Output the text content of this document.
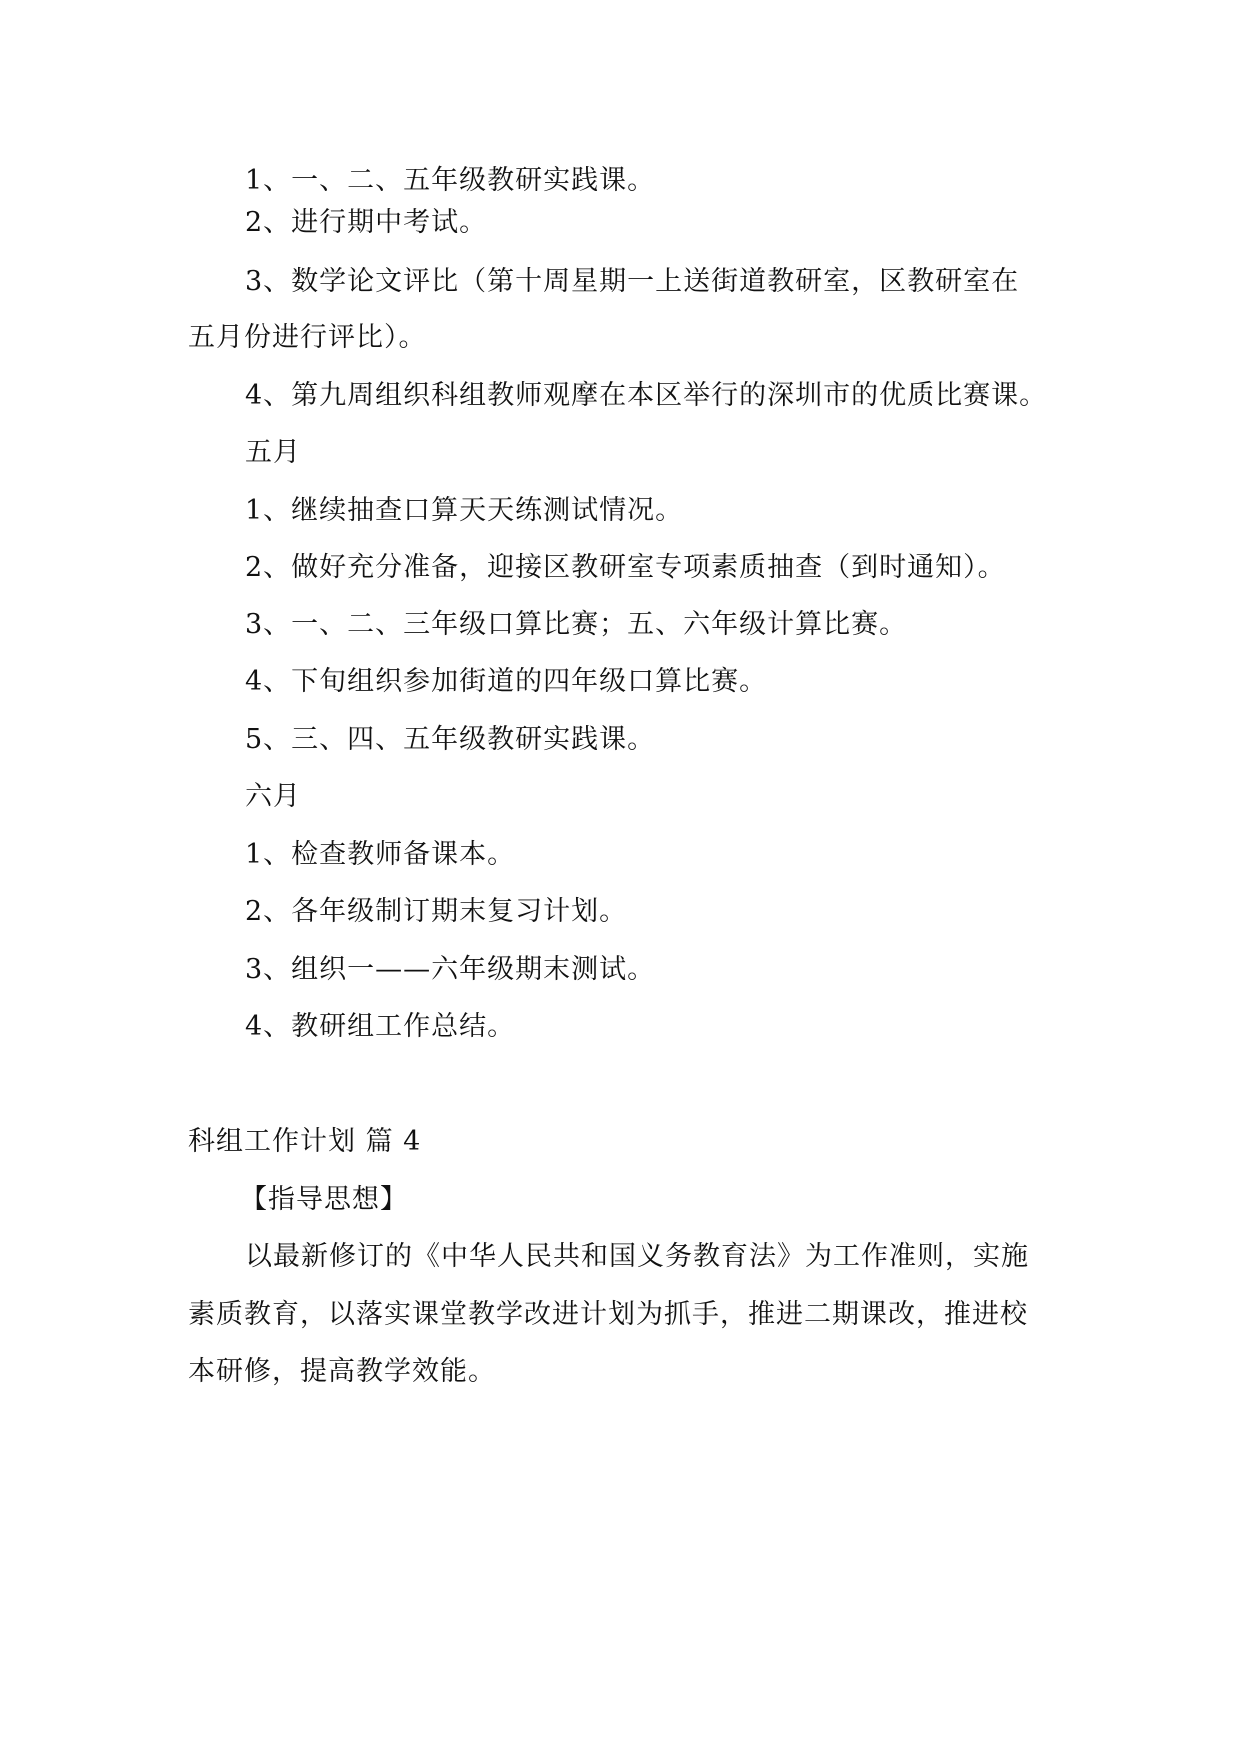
1、一、二、五年级教研实践课。
2、进行期中考试。
3、数学论文评比（第十周星期一上送街道教研室，区教研室在
五月份进行评比）。
4、第九周组织科组教师观摩在本区举行的深圳市的优质比赛课。
五月
1、继续抽查口算天天练测试情况。
2、做好充分准备，迎接区教研室专项素质抽查（到时通知）。
3、一、二、三年级口算比赛；五、六年级计算比赛。
4、下旬组织参加街道的四年级口算比赛。
5、三、四、五年级教研实践课。
六月
1、检查教师备课本。
2、各年级制订期末复习计划。
3、组织一——六年级期末测试。
4、教研组工作总结。
科组工作计划 篇 4
【指导思想】
以最新修订的《中华人民共和国义务教育法》为工作准则，实施
素质教育，以落实课堂教学改进计划为抓手，推进二期课改，推进校
本研修，提高教学效能。
